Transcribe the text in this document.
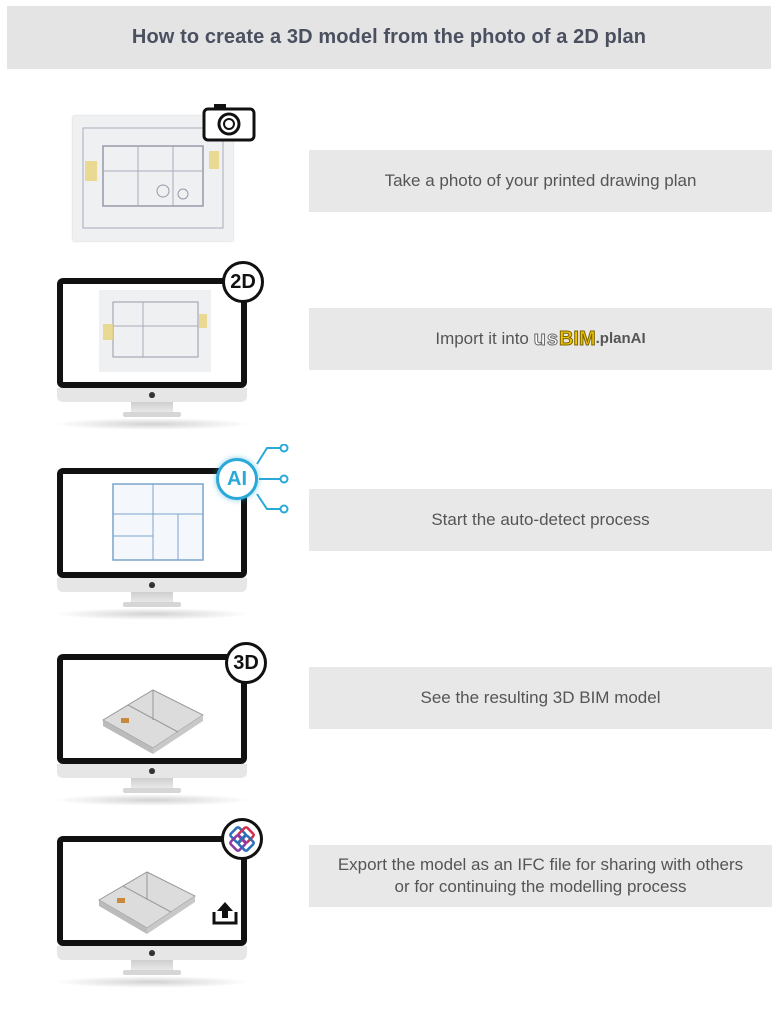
How to create a 3D model from the photo of a 2D plan
Take a photo of your printed drawing plan
2D
Import it into
us BIM .planAI
AI
Start the auto-detect process
3D
See the resulting 3D BIM model
Export the model as an IFC file for sharing with others
or for continuing the modelling process
